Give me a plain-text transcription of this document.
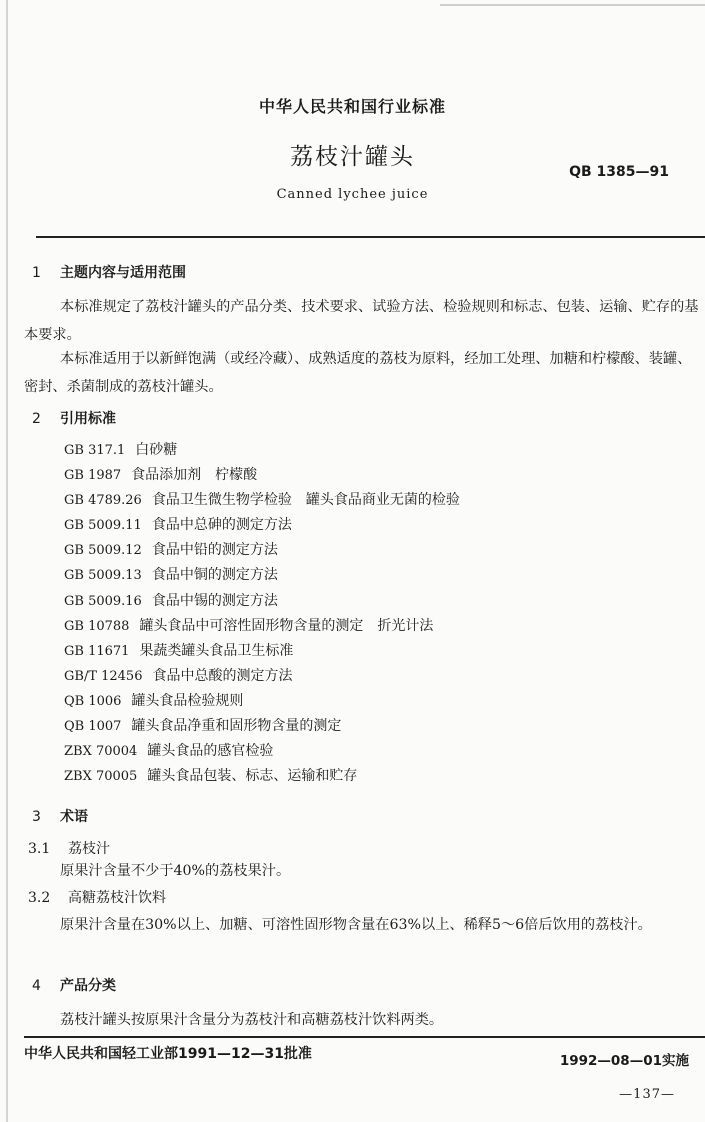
中华人民共和国行业标准
荔枝汁罐头
QB 1385—91
Canned lychee juice
1 主题内容与适用范围
本标准规定了荔枝汁罐头的产品分类、技术要求、试验方法、检验规则和标志、包装、运输、贮存的基本要求。
本标准适用于以新鲜饱满（或经冷藏）、成熟适度的荔枝为原料，经加工处理、加糖和柠檬酸、装罐、密封、杀菌制成的荔枝汁罐头。
2 引用标准
GB 317.1 白砂糖
GB 1987 食品添加剂　柠檬酸
GB 4789.26 食品卫生微生物学检验　罐头食品商业无菌的检验
GB 5009.11 食品中总砷的测定方法
GB 5009.12 食品中铅的测定方法
GB 5009.13 食品中铜的测定方法
GB 5009.16 食品中锡的测定方法
GB 10788 罐头食品中可溶性固形物含量的测定　折光计法
GB 11671 果蔬类罐头食品卫生标准
GB/T 12456 食品中总酸的测定方法
QB 1006 罐头食品检验规则
QB 1007 罐头食品净重和固形物含量的测定
ZBX 70004 罐头食品的感官检验
ZBX 70005 罐头食品包装、标志、运输和贮存
3 术语
3.1 荔枝汁
原果汁含量不少于40%的荔枝果汁。
3.2 高糖荔枝汁饮料
原果汁含量在30%以上、加糖、可溶性固形物含量在63%以上、稀释5～6倍后饮用的荔枝汁。
4 产品分类
荔枝汁罐头按原果汁含量分为荔枝汁和高糖荔枝汁饮料两类。
中华人民共和国轻工业部1991—12—31批准	1992—08—01实施
—137—
